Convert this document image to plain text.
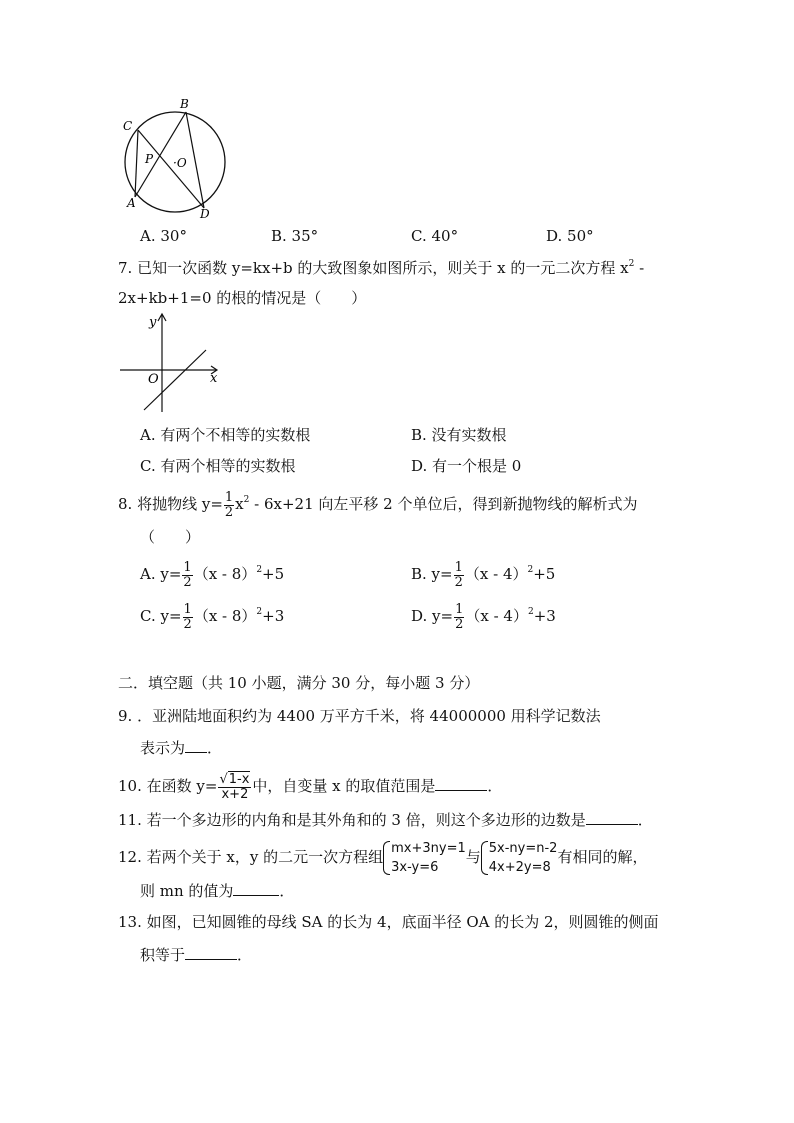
B
C
P ·O
A
D
A. 30°	B. 35°	C. 40°	D. 50°
7. 已知一次函数 y=kx+b 的大致图象如图所示，则关于 x 的一元二次方程 $x^2$ -
2x+kb+1=0 的根的情况是（　　）
y
x
O
A. 有两个不相等的实数根	B. 没有实数根
C. 有两个相等的实数根	D. 有一个根是 0
8. 将抛物线 $y= \frac{1}{2} x^2 - 6x+21$ 向左平移 2 个单位后，得到新抛物线的解析式为
（　　）
A. $y= \frac{1}{2} (x - 8)^2+5$	B. $y= \frac{1}{2} (x - 4)^2+5$
C. $y= \frac{1}{2} (x - 8)^2+3$	D. $y= \frac{1}{2} (x - 4)^2+3$
二．填空题（共 10 小题，满分 30 分，每小题 3 分）
9. ．亚洲陆地面积约为 4400 万平方千米，将 44000000 用科学记数法
表示为 ．
10. 在函数 $y= \frac{√1-x}{x+2}$ 中，自变量 x 的取值范围是	．
11. 若一个多边形的内角和是其外角和的 3 倍，则这个多边形的边数是	．
12. 若两个关于 x，y 的二元一次方程组 mx+3ny=1
3x-y=6
与 5x-ny=n-2
4x+2y=8
有相同的解，
则 mn 的值为	．
13. 如图，已知圆锥的母线 SA 的长为 4，底面半径 OA 的长为 2，则圆锥的侧面
积等于	．
